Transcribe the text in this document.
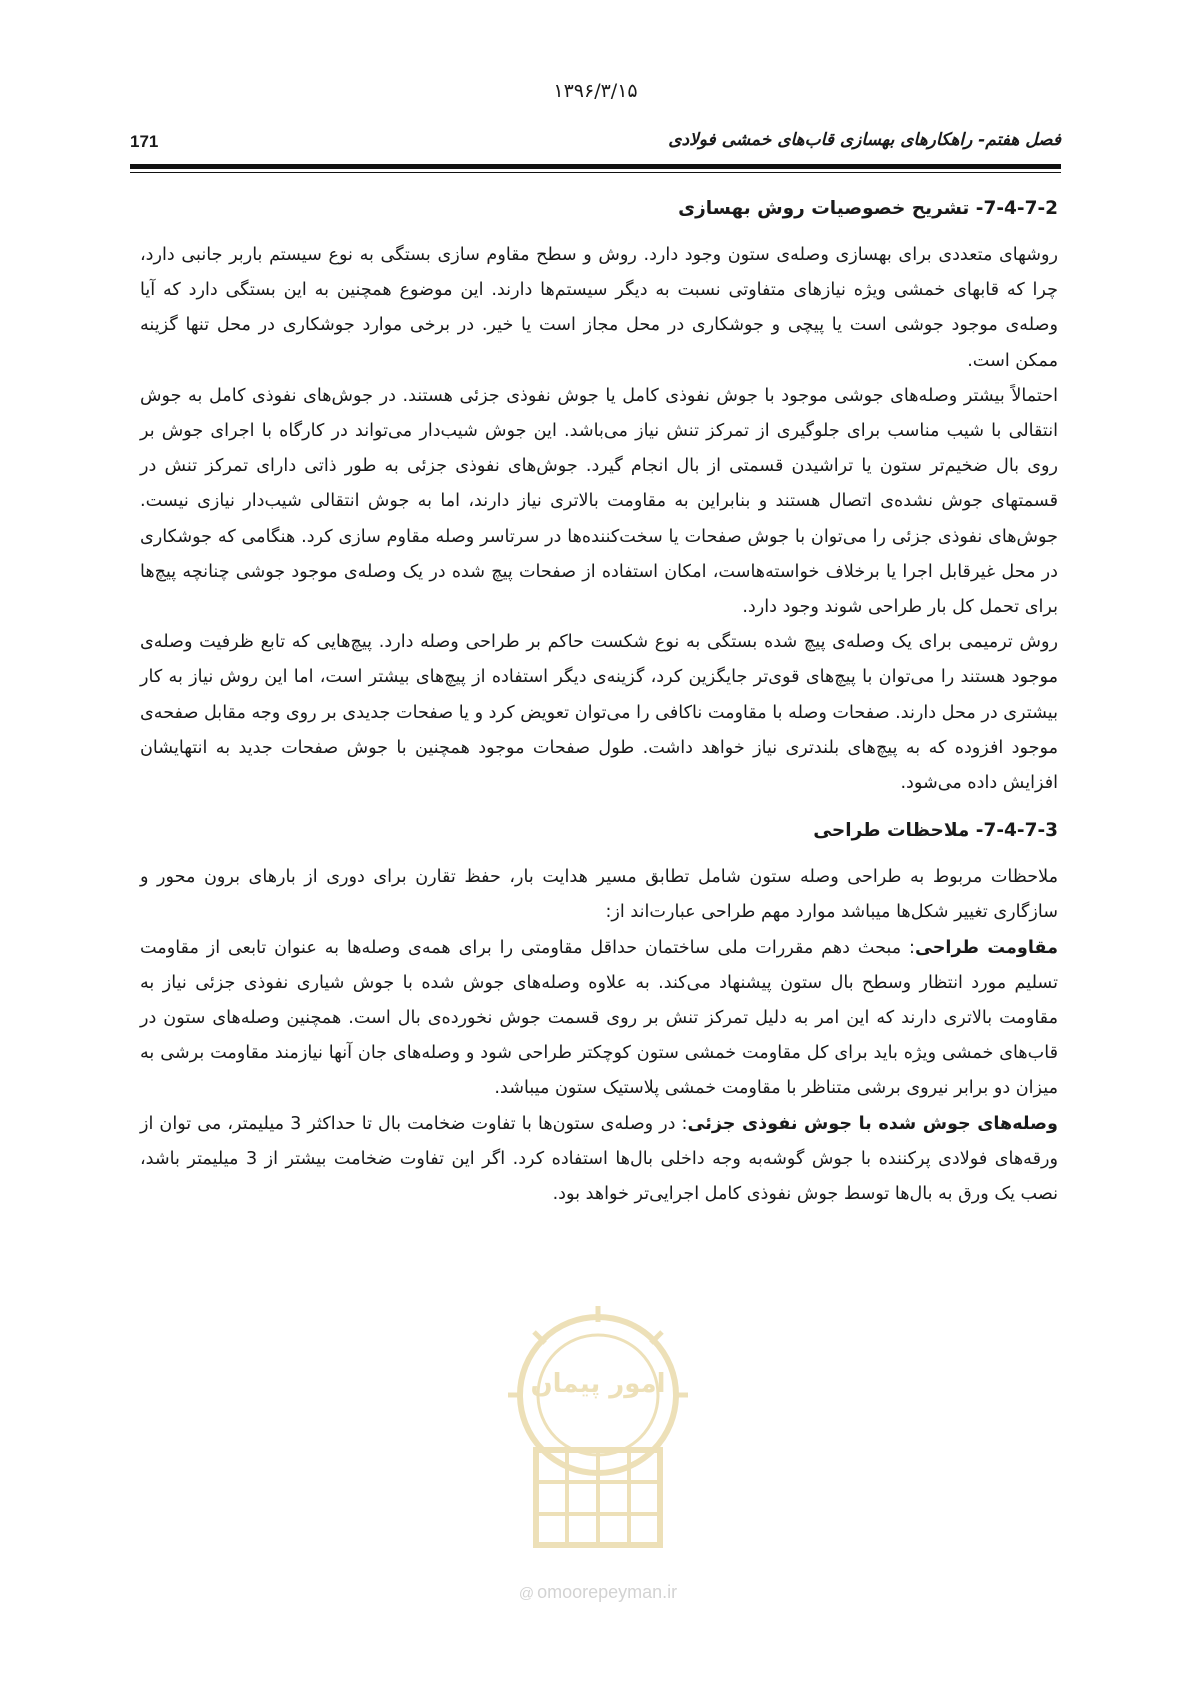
۱۳۹۶/۳/۱۵
171	فصل هفتم- راهکارهای بهسازی قاب‌های خمشی فولادی
7-4-7-2- تشریح خصوصیات روش بهسازی

روشهای متعددی برای بهسازی وصله‌ی ستون وجود دارد. روش و سطح مقاوم سازی بستگی به نوع سیستم باربر جانبی دارد، چرا که قابهای خمشی ویژه نیازهای متفاوتی نسبت به دیگر سیستم‌ها دارند. این موضوع همچنین به این بستگی دارد که آیا وصله‌ی موجود جوشی است یا پیچی و جوشکاری در محل مجاز است یا خیر. در برخی موارد جوشکاری در محل تنها گزینه ممکن است.

احتمالاً بیشتر وصله‌های جوشی موجود با جوش نفوذی کامل یا جوش نفوذی جزئی هستند. در جوش‌های نفوذی کامل به جوش انتقالی با شیب مناسب برای جلوگیری از تمرکز تنش نیاز می‌باشد. این جوش شیب‌دار می‌تواند در کارگاه با اجرای جوش بر روی بال ضخیم‌تر ستون یا تراشیدن قسمتی از بال انجام گیرد. جوش‌های نفوذی جزئی به طور ذاتی دارای تمرکز تنش در قسمتهای جوش نشده‌ی اتصال هستند و بنابراین به مقاومت بالاتری نیاز دارند، اما به جوش انتقالی شیب‌دار نیازی نیست. جوش‌های نفوذی جزئی را می‌توان با جوش صفحات یا سخت‌کننده‌ها در سرتاسر وصله مقاوم سازی کرد. هنگامی که جوشکاری در محل غیرقابل اجرا یا برخلاف خواسته‌هاست، امکان استفاده از صفحات پیچ شده در یک وصله‌ی موجود جوشی چنانچه پیچ‌ها برای تحمل کل بار طراحی شوند وجود دارد.

روش ترمیمی برای یک وصله‌ی پیچ شده بستگی به نوع شکست حاکم بر طراحی وصله دارد. پیچ‌هایی که تابع ظرفیت وصله‌ی موجود هستند را می‌توان با پیچ‌های قوی‌تر جایگزین کرد، گزینه‌ی دیگر استفاده از پیچ‌های بیشتر است، اما این روش نیاز به کار بیشتری در محل دارند. صفحات وصله با مقاومت ناکافی را می‌توان تعویض کرد و یا صفحات جدیدی بر روی وجه مقابل صفحه‌ی موجود افزوده که به پیچ‌های بلندتری نیاز خواهد داشت. طول صفحات موجود همچنین با جوش صفحات جدید به انتهایشان افزایش داده می‌شود.

7-4-7-3- ملاحظات طراحی

ملاحظات مربوط به طراحی وصله ستون شامل تطابق مسیر هدایت بار، حفظ تقارن برای دوری از بارهای برون محور و سازگاری تغییر شکل‌ها میباشد موارد مهم طراحی عبارت‌اند از:

مقاومت طراحی: مبحث دهم مقررات ملی ساختمان حداقل مقاومتی را برای همه‌ی وصله‌ها به عنوان تابعی از مقاومت تسلیم مورد انتظار وسطح بال ستون پیشنهاد می‌کند. به علاوه وصله‌های جوش شده با جوش شیاری نفوذی جزئی نیاز به مقاومت بالاتری دارند که این امر به دلیل تمرکز تنش بر روی قسمت جوش نخورده‌ی بال است. همچنین وصله‌های ستون در قاب‌های خمشی ویژه باید برای کل مقاومت خمشی ستون کوچکتر طراحی شود و وصله‌های جان آنها نیازمند مقاومت برشی به میزان دو برابر نیروی برشی متناظر با مقاومت خمشی پلاستیک ستون میباشد.

وصله‌های جوش شده با جوش نفوذی جزئی: در وصله‌ی ستون‌ها با تفاوت ضخامت بال تا حداکثر 3 میلیمتر، می توان از ورقه‌های فولادی پرکننده با جوش گوشه‌به وجه داخلی بال‌ها استفاده کرد. اگر این تفاوت ضخامت بیشتر از 3 میلیمتر باشد، نصب یک ورق به بال‌ها توسط جوش نفوذی کامل اجرایی‌تر خواهد بود.

امور پیمان
@ omoorepeyman.ir
